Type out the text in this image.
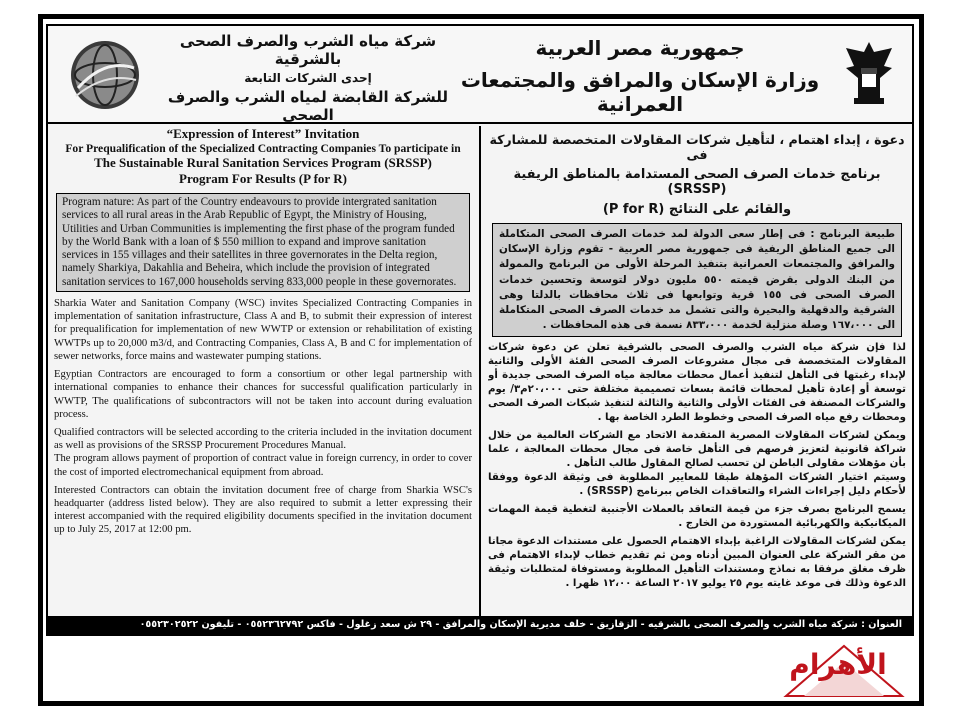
شركة مياه الشرب والصرف الصحى بالشرقية
إحدى الشركات التابعة
للشركة القابضة لمياه الشرب والصرف الصحى
جمهورية مصر العربية
وزارة الإسكان والمرافق والمجتمعات العمرانية

“Expression of Interest” Invitation

For Prequalification of the Specialized Contracting Companies To participate in

The Sustainable Rural Sanitation Services Program (SRSSP)

Program For Results (P for R)

Program nature: As part of the Country endeavours to provide intergrated sanitation services to all rural areas in the Arab Republic of Egypt, the Ministry of Housing, Utilities and Urban Communities is implementing the first phase of the program funded by the World Bank with a loan of $ 550 million to expand and improve sanitation services in 155 villages and their satellites in three governorates in the Delta region, namely Sharkiya, Dakahlia and Beheira, which include the provision of integrated sanitation services to 167,000 households serving 833,000 people in these governorates.

Sharkia Water and Sanitation Company (WSC) invites Specialized Contracting Companies in implementation of sanitation infrastructure, Class A and B, to submit their expression of interest for prequalification for implementation of new WWTP or extension or rehabilitation of existing WWTPs up to 20,000 m3/d, and Contracting Companies, Class A, B and C for implementation of sewer networks, force mains and wastewater pumping stations.

Egyptian Contractors are encouraged to form a consortium or other legal partnership with international companies to enhance their chances for successful qualification particularly in WWTP, The qualifications of subcontractors will not be taken into account during evaluation process.

Qualified contractors will be selected according to the criteria included in the invitation document as well as provisions of the SRSSP Procurement Procedures Manual.

The program allows payment of proportion of contract value in foreign currency, in order to cover the cost of imported electromechanical equipment from abroad.

Interested Contractors can obtain the invitation document free of charge from Sharkia WSC's headquarter (address listed below). They are also required to submit a letter expressing their interest accompanied with the required eligibility documents specified in the invitation document up to July 25, 2017 at 12:00 pm.

دعوة ، إبداء اهتمام ، لتأهيل شركات المقاولات المتخصصة للمشاركة فى

برنامج خدمات الصرف الصحى المستدامة بالمناطق الريفية (SRSSP)

والقائم على النتائج (P for R)

طبيعة البرنامج : فى إطار سعى الدولة لمد خدمات الصرف الصحى المتكاملة الى جميع المناطق الريفية فى جمهورية مصر العربية - تقوم وزارة الإسكان والمرافق والمجتمعات العمرانية بتنفيذ المرحلة الأولى من البرنامج والممولة من البنك الدولى بقرض قيمته ٥٥٠ مليون دولار لتوسعة وتحسين خدمات الصرف الصحى فى ١٥٥ قرية وتوابعها فى ثلاث محافظات بالدلتا وهى الشرقية والدقهلية والبحيرة والتى تشمل مد خدمات الصرف الصحى المتكاملة الى ١٦٧،٠٠٠ وصلة منزلية لخدمة ٨٣٣،٠٠٠ نسمة فى هذه المحافظات .

لذا فإن شركة مياه الشرب والصرف الصحى بالشرقية تعلن عن دعوة شركات المقاولات المتخصصة فى مجال مشروعات الصرف الصحى الفئة الأولى والثانية لإبداء رغبتها فى التأهل لتنفيذ أعمال محطات معالجة مياه الصرف الصحى جديدة أو توسعة أو إعادة تأهيل لمحطات قائمة بسعات تصميمية مختلفة حتى ٢٠،٠٠٠م٣/ يوم والشركات المصنفة فى الفئات الأولى والثانية والثالثة لتنفيذ شبكات الصرف الصحى ومحطات رفع مياه الصرف الصحى وخطوط الطرد الخاصة بها .

ويمكن لشركات المقاولات المصرية المتقدمة الاتحاد مع الشركات العالمية من خلال شراكة قانونية لتعزيز فرصهم فى التأهل خاصة فى مجال محطات المعالجة ، علما بأن مؤهلات مقاولى الباطن لن تحسب لصالح المقاول طالب التأهل .

وسيتم اختيار الشركات المؤهلة طبقا للمعايير المطلوبة فى وثيقة الدعوة ووفقا لأحكام دليل إجراءات الشراء والتعاقدات الخاص ببرنامج (SRSSP) .

يسمح البرنامج بصرف جزء من قيمة التعاقد بالعملات الأجنبية لتغطية قيمة المهمات الميكانيكية والكهربائية المستوردة من الخارج .

يمكن لشركات المقاولات الراغبة بإبداء الاهتمام الحصول على مستندات الدعوة مجانا من مقر الشركة على العنوان المبين أدناه ومن ثم تقديم خطاب لإبداء الاهتمام فى ظرف مغلق مرفقا به نماذج ومستندات التأهيل المطلوبة ومستوفاة لمتطلبات وثيقة الدعوة وذلك فى موعد غايته يوم ٢٥ يوليو ٢٠١٧ الساعة ١٢،٠٠ ظهرا .

العنوان : شركة مياه الشرب والصرف الصحى بالشرقيه - الزقازيق - خلف مديرية الإسكان والمرافق - ٢٩ ش سعد زغلول - فاكس ٠٥٥٢٣٦٢٧٩٢ - تليفون ٠٥٥٢٣٠٢٥٢٢
الأهرام
